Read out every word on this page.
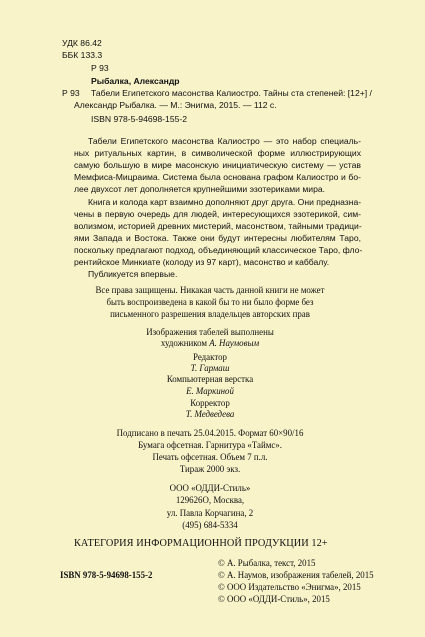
УДК 86.42
ББК 133.3
Р 93
Рыбалка, Александр
Р 93 Табели Египетского масонства Калиостро. Тайны ста степеней: [12+] /
Александр Рыбалка. — М.: Энигма, 2015. — 112 с.
ISBN 978-5-94698-155-2
Табели Египетского масонства Калиостро — это набор специаль-
ных ритуальных картин, в символической форме иллюстрирующих
самую большую в мире масонскую инициатическую систему — устав
Мемфиса-Мицраима. Система была основана графом Калиостро и бо-
лее двухсот лет дополняется крупнейшими эзотериками мира.
Книга и колода карт взаимно дополняют друг друга. Они предназна-
чены в первую очередь для людей, интересующихся эзотерикой, сим-
волизмом, историей древних мистерий, масонством, тайными традици-
ями Запада и Востока. Также они будут интересны любителям Таро,
поскольку предлагают подход, объединяющий классическое Таро, фло-
рентийское Минкиате (колоду из 97 карт), масонство и каббалу.
Публикуется впервые.
Все права защищены. Никакая часть данной книги не может
быть воспроизведена в какой бы то ни было форме без
письменного разрешения владельцев авторских прав
Изображения табелей выполнены
художником А. Наумовым
Редактор
Т. Гармаш
Компьютерная верстка
Е. Маркиной
Корректор
Т. Медведева
Подписано в печать 25.04.2015. Формат 60×90/16
Бумага офсетная. Гарнитура «Таймс».
Печать офсетная. Объем 7 п.л.
Тираж 2000 экз.
ООО «ОДДИ-Стиль»
129626О, Москва,
ул. Павла Корчагина, 2
(495) 684-5334
КАТЕГОРИЯ ИНФОРМАЦИОННОЙ ПРОДУКЦИИ 12+
ISBN 978-5-94698-155-2
© А. Рыбалка, текст, 2015
© А. Наумов, изображения табелей, 2015
© ООО Издательство «Энигма», 2015
© ООО «ОДДИ-Стиль», 2015
